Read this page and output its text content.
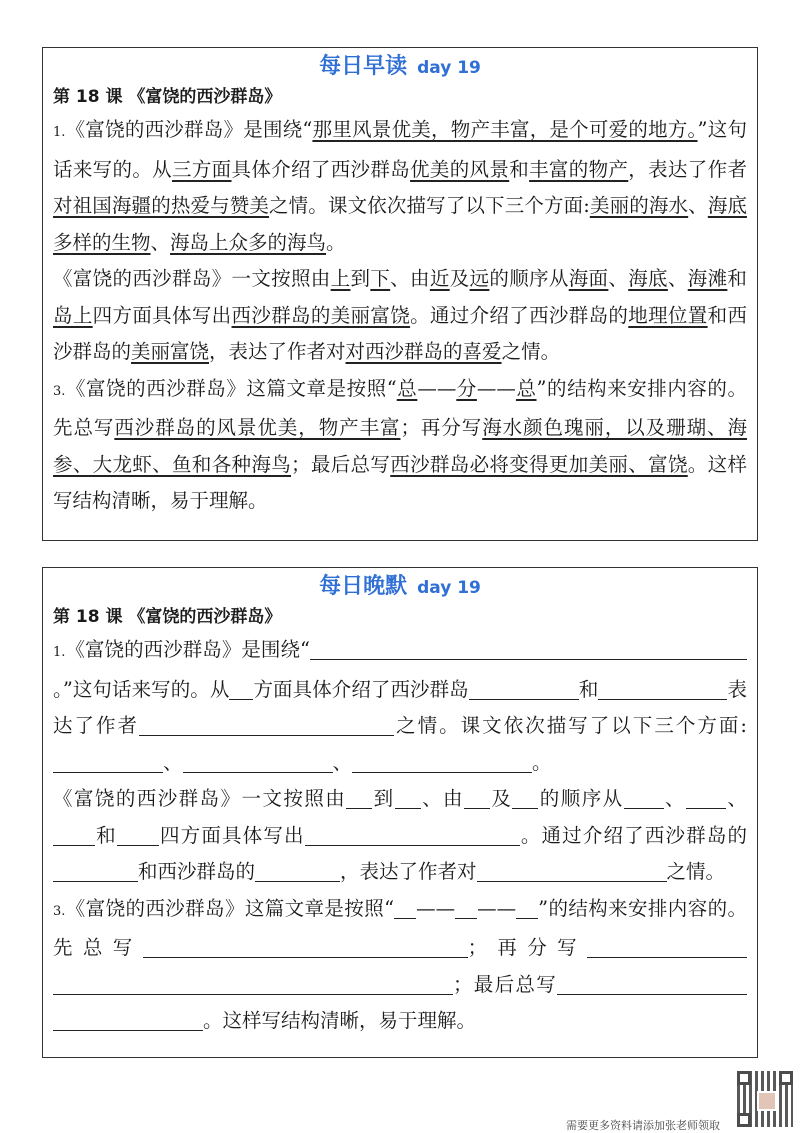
每日早读 day 19
第 18 课 《富饶的西沙群岛》
1.《富饶的西沙群岛》是围绕“那里风景优美，物产丰富，是个可爱的地方。”这句话来写的。从三方面具体介绍了西沙群岛优美的风景和丰富的物产，表达了作者对祖国海疆的热爱与赞美之情。课文依次描写了以下三个方面:美丽的海水、海底多样的生物、海岛上众多的海鸟。
《富饶的西沙群岛》一文按照由上到下、由近及远的顺序从海面、海底、海滩和岛上四方面具体写出西沙群岛的美丽富饶。通过介绍了西沙群岛的地理位置和西沙群岛的美丽富饶，表达了作者对对西沙群岛的喜爱之情。
3.《富饶的西沙群岛》这篇文章是按照“总——分——总”的结构来安排内容的。先总写西沙群岛的风景优美，物产丰富；再分写海水颜色瑰丽，以及珊瑚、海参、大龙虾、鱼和各种海鸟；最后总写西沙群岛必将变得更加美丽、富饶。这样写结构清晰，易于理解。
每日晚默 day 19
第 18 课 《富饶的西沙群岛》
1.《富饶的西沙群岛》是围绕“。”这句话来写的。从 方面具体介绍了西沙群岛	和	表达了作者	之情。课文依次描写了以下三个方面:、	、	。
《富饶的西沙群岛》一文按照由 到 、由 及 的顺序从 、 、和 四方面具体写出	。通过介绍了西沙群岛的和西沙群岛的	，表达了作者对	之情。
3.《富饶的西沙群岛》这篇文章是按照“ —— —— ”的结构来安排内容的。先总写	；再分写；最后总写。这样写结构清晰，易于理解。
需要更多资料请添加张老师领取
